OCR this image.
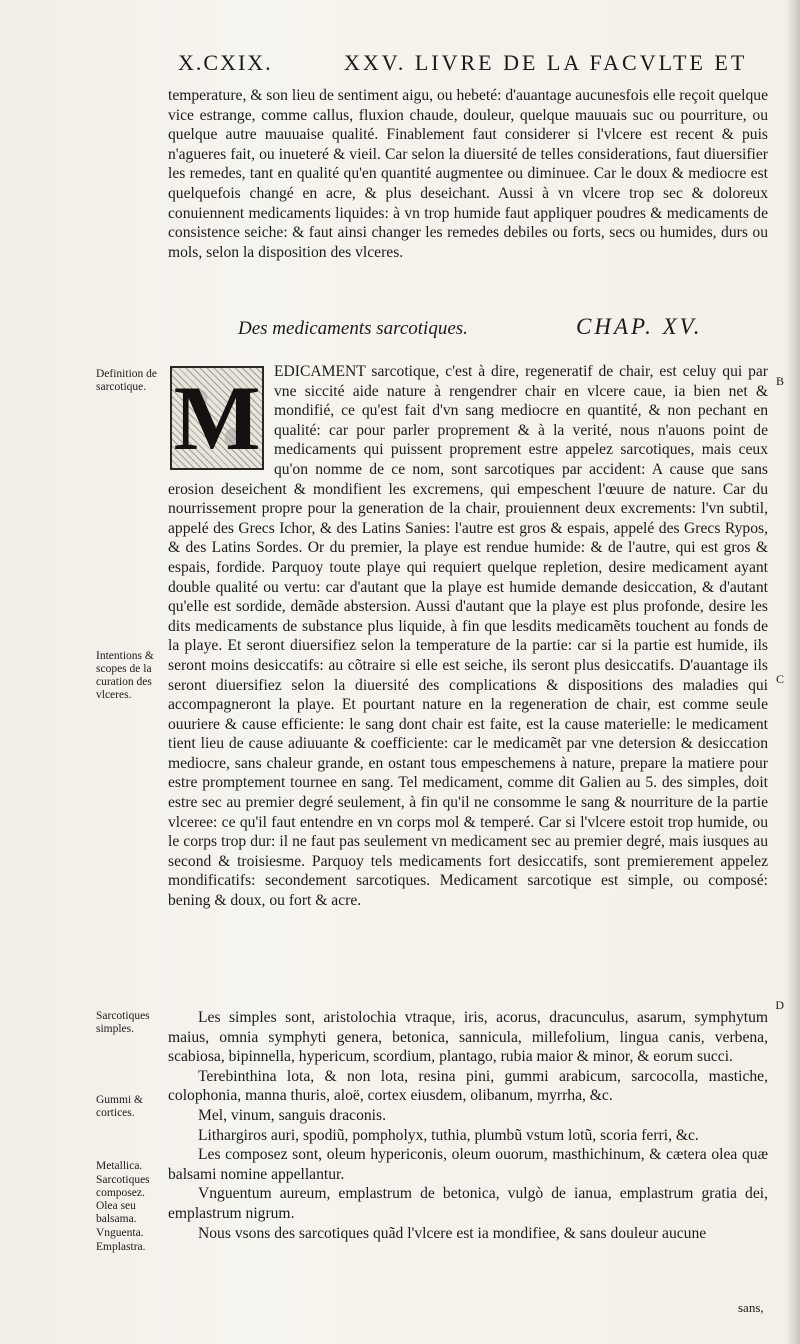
X.CXIX.	XXV. LIVRE DE LA FACVLTE ET

temperature, & son lieu de sentiment aigu, ou hebeté: d'auantage aucunesfois elle reçoit quelque vice estrange, comme callus, fluxion chaude, douleur, quelque mauuais suc ou pourriture, ou quelque autre mauuaise qualité. Finablement faut considerer si l'vlcere est recent & puis n'agueres fait, ou inueteré & vieil. Car selon la diuersité de telles considerations, faut diuersifier les remedes, tant en qualité qu'en quantité augmentee ou diminuee. Car le doux & mediocre est quelquefois changé en acre, & plus deseichant. Aussi à vn vlcere trop sec & doloreux conuiennent medicaments liquides: à vn trop humide faut appliquer poudres & medicaments de consistence seiche: & faut ainsi changer les remedes debiles ou forts, secs ou humides, durs ou mols, selon la disposition des vlceres.

Des medicaments sarcotiques.	CHAP. XV.
M EDICAMENT sarcotique, c'est à dire, regeneratif de chair, est celuy qui par vne siccité aide nature à rengendrer chair en vlcere caue, ia bien net & mondifié, ce qu'est fait d'vn sang mediocre en quantité, & non pechant en qualité: car pour parler proprement & à la verité, nous n'auons point de medicaments qui puissent proprement estre appelez sarcotiques, mais ceux qu'on nomme de ce nom, sont sarcotiques par accident: A cause que sans erosion deseichent & mondifient les excremens, qui empeschent l'œuure de nature. Car du nourrissement propre pour la generation de la chair, prouiennent deux excrements: l'vn subtil, appelé des Grecs Ichor, & des Latins Sanies: l'autre est gros & espais, appelé des Grecs Rypos, & des Latins Sordes. Or du premier, la playe est rendue humide: & de l'autre, qui est gros & espais, fordide. Parquoy toute playe qui requiert quelque repletion, desire medicament ayant double qualité ou vertu: car d'autant que la playe est humide demande desiccation, & d'autant qu'elle est sordide, demãde abstersion. Aussi d'autant que la playe est plus profonde, desire les dits medicaments de substance plus liquide, à fin que lesdits medicamẽts touchent au fonds de la playe. Et seront diuersifiez selon la temperature de la partie: car si la partie est humide, ils seront moins desiccatifs: au cõtraire si elle est seiche, ils seront plus desiccatifs. D'auantage ils seront diuersifiez selon la diuersité des complications & dispositions des maladies qui accompagneront la playe. Et pourtant nature en la regeneration de chair, est comme seule ouuriere & cause efficiente: le sang dont chair est faite, est la cause materielle: le medicament tient lieu de cause adiuuante & coefficiente: car le medicamẽt par vne detersion & desiccation mediocre, sans chaleur grande, en ostant tous empeschemens à nature, prepare la matiere pour estre promptement tournee en sang. Tel medicament, comme dit Galien au 5. des simples, doit estre sec au premier degré seulement, à fin qu'il ne consomme le sang & nourriture de la partie vlceree: ce qu'il faut entendre en vn corps mol & temperé. Car si l'vlcere estoit trop humide, ou le corps trop dur: il ne faut pas seulement vn medicament sec au premier degré, mais iusques au second & troisiesme. Parquoy tels medicaments fort desiccatifs, sont premierement appelez mondificatifs: secondement sarcotiques. Medicament sarcotique est simple, ou composé: bening & doux, ou fort & acre.

Les simples sont, aristolochia vtraque, iris, acorus, dracunculus, asarum, symphytum maius, omnia symphyti genera, betonica, sannicula, millefolium, lingua canis, verbena, scabiosa, bipinnella, hypericum, scordium, plantago, rubia maior & minor, & eorum succi.

Terebinthina lota, & non lota, resina pini, gummi arabicum, sarcocolla, mastiche, colophonia, manna thuris, aloë, cortex eiusdem, olibanum, myrrha, &c.

Mel, vinum, sanguis draconis.

Lithargiros auri, spodiũ, pompholyx, tuthia, plumbũ vstum lotũ, scoria ferri, &c.

Les composez sont, oleum hypericonis, oleum ouorum, masthichinum, & cætera olea quæ balsami nomine appellantur.

Vnguentum aureum, emplastrum de betonica, vulgò de ianua, emplastrum gratia dei, emplastrum nigrum.

Nous vsons des sarcotiques quãd l'vlcere est ia mondifiee, & sans douleur aucune

Definition de sarcotique.
Intentions & scopes de la curation des vlceres.
Sarcotiques simples.
Gummi & cortices.
Metallica.
Sarcotiques composez.
Olea seu balsama.
Vnguenta.
Emplastra.
B
C
D
sans,
